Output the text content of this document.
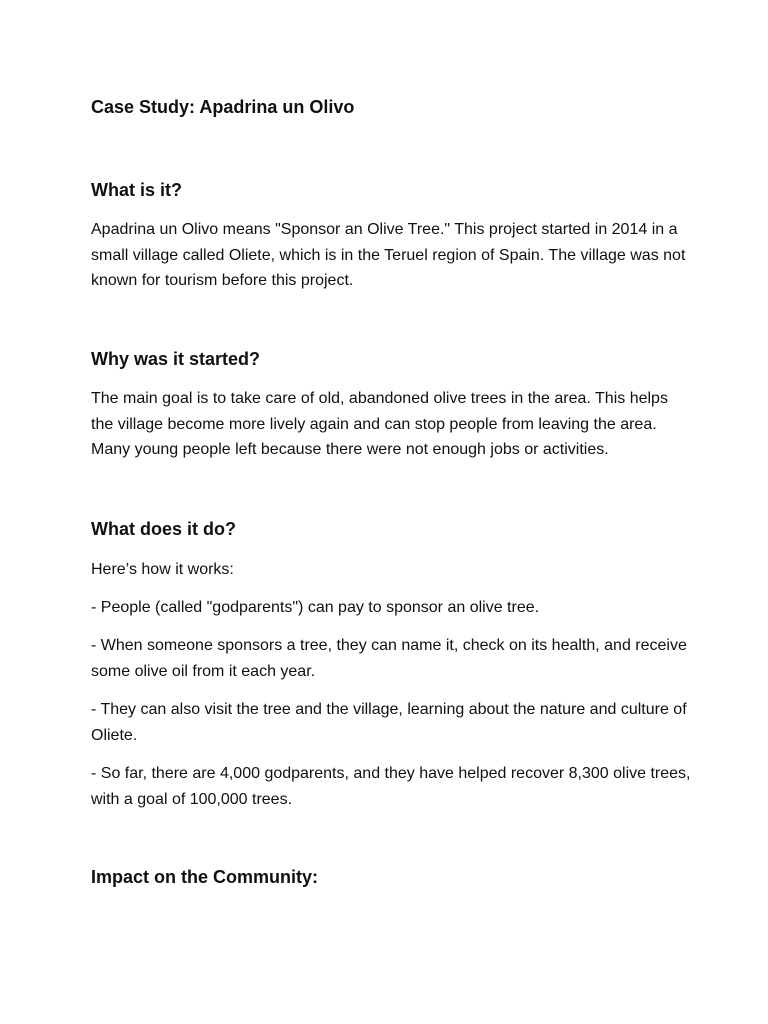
Case Study: Apadrina un Olivo
What is it?

Apadrina un Olivo means "Sponsor an Olive Tree." This project started in 2014 in a small village called Oliete, which is in the Teruel region of Spain. The village was not known for tourism before this project.

Why was it started?

The main goal is to take care of old, abandoned olive trees in the area. This helps the village become more lively again and can stop people from leaving the area. Many young people left because there were not enough jobs or activities.

What does it do?

Here’s how it works:

- People (called "godparents") can pay to sponsor an olive tree.

- When someone sponsors a tree, they can name it, check on its health, and receive some olive oil from it each year.

- They can also visit the tree and the village, learning about the nature and culture of Oliete.

- So far, there are 4,000 godparents, and they have helped recover 8,300 olive trees, with a goal of 100,000 trees.

Impact on the Community:
